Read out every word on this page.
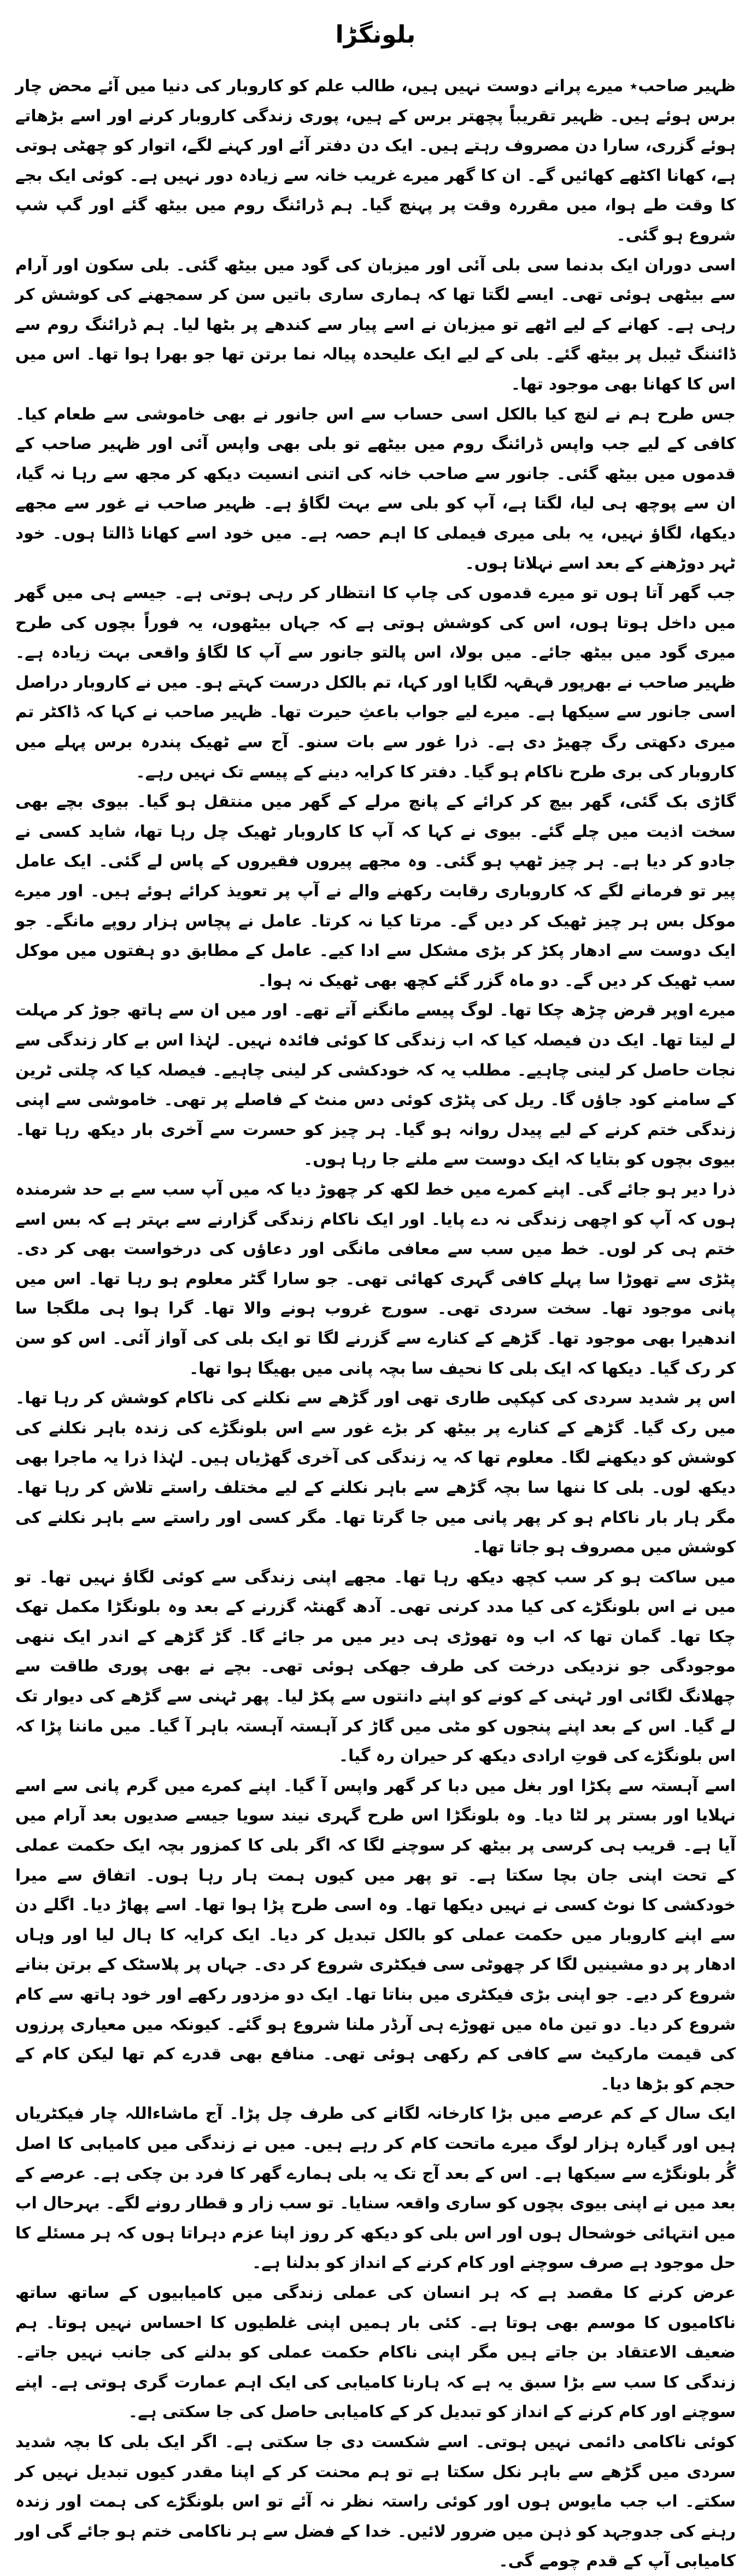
بلونگڑا

ظہیر صاحب٭ میرے پرانے دوست نہیں ہیں، طالب علم کو کاروبار کی دنیا میں آئے محض چار برس ہوئے ہیں۔ ظہیر تقریباً پچھتر برس کے ہیں، پوری زندگی کاروبار کرنے اور اسے بڑھاتے ہوئے گزری، سارا دن مصروف رہتے ہیں۔ ایک دن دفتر آئے اور کہنے لگے، اتوار کو چھٹی ہوتی ہے، کھانا اکٹھے کھائیں گے۔ ان کا گھر میرے غریب خانہ سے زیادہ دور نہیں ہے۔ کوئی ایک بجے کا وقت طے ہوا، میں مقررہ وقت پر پہنچ گیا۔ ہم ڈرائنگ روم میں بیٹھ گئے اور گپ شپ شروع ہو گئی۔

اسی دوران ایک بدنما سی بلی آئی اور میزبان کی گود میں بیٹھ گئی۔ بلی سکون اور آرام سے بیٹھی ہوئی تھی۔ ایسے لگتا تھا کہ ہماری ساری باتیں سن کر سمجھنے کی کوشش کر رہی ہے۔ کھانے کے لیے اٹھے تو میزبان نے اسے پیار سے کندھے پر بٹھا لیا۔ ہم ڈرائنگ روم سے ڈائننگ ٹیبل پر بیٹھ گئے۔ بلی کے لیے ایک علیحدہ پیالہ نما برتن تھا جو بھرا ہوا تھا۔ اس میں اس کا کھانا بھی موجود تھا۔

جس طرح ہم نے لنچ کیا بالکل اسی حساب سے اس جانور نے بھی خاموشی سے طعام کیا۔ کافی کے لیے جب واپس ڈرائنگ روم میں بیٹھے تو بلی بھی واپس آئی اور ظہیر صاحب کے قدموں میں بیٹھ گئی۔ جانور سے صاحب خانہ کی اتنی انسیت دیکھ کر مجھ سے رہا نہ گیا، ان سے پوچھ ہی لیا، لگتا ہے، آپ کو بلی سے بہت لگاؤ ہے۔ ظہیر صاحب نے غور سے مجھے دیکھا، لگاؤ نہیں، یہ بلی میری فیملی کا اہم حصہ ہے۔ میں خود اسے کھانا ڈالتا ہوں۔ خود ٹہر دوڑھنے کے بعد اسے نہلاتا ہوں۔

جب گھر آتا ہوں تو میرے قدموں کی چاپ کا انتظار کر رہی ہوتی ہے۔ جیسے ہی میں گھر میں داخل ہوتا ہوں، اس کی کوشش ہوتی ہے کہ جہاں بیٹھوں، یہ فوراً بچوں کی طرح میری گود میں بیٹھ جائے۔ میں بولا، اس پالتو جانور سے آپ کا لگاؤ واقعی بہت زیادہ ہے۔ ظہیر صاحب نے بھرپور قہقہہ لگایا اور کہا، تم بالکل درست کہتے ہو۔ میں نے کاروبار دراصل اسی جانور سے سیکھا ہے۔ میرے لیے جواب باعثِ حیرت تھا۔ ظہیر صاحب نے کہا کہ ڈاکٹر تم میری دکھتی رگ چھیڑ دی ہے۔ ذرا غور سے بات سنو۔ آج سے ٹھیک پندرہ برس پہلے میں کاروبار کی بری طرح ناکام ہو گیا۔ دفتر کا کرایہ دینے کے پیسے تک نہیں رہے۔

گاڑی بک گئی، گھر بیچ کر کرائے کے پانچ مرلے کے گھر میں منتقل ہو گیا۔ بیوی بچے بھی سخت اذیت میں چلے گئے۔ بیوی نے کہا کہ آپ کا کاروبار ٹھیک چل رہا تھا، شاید کسی نے جادو کر دیا ہے۔ ہر چیز ٹھپ ہو گئی۔ وہ مجھے پیروں فقیروں کے پاس لے گئی۔ ایک عامل پیر تو فرمانے لگے کہ کاروباری رقابت رکھنے والے نے آپ پر تعویذ کرائے ہوئے ہیں۔ اور میرے موکل بس ہر چیز ٹھیک کر دیں گے۔ مرتا کیا نہ کرتا۔ عامل نے پچاس ہزار روپے مانگے۔ جو ایک دوست سے ادھار پکڑ کر بڑی مشکل سے ادا کیے۔ عامل کے مطابق دو ہفتوں میں موکل سب ٹھیک کر دیں گے۔ دو ماہ گزر گئے کچھ بھی ٹھیک نہ ہوا۔

میرے اوپر قرض چڑھ چکا تھا۔ لوگ پیسے مانگنے آتے تھے۔ اور میں ان سے ہاتھ جوڑ کر مہلت لے لیتا تھا۔ ایک دن فیصلہ کیا کہ اب زندگی کا کوئی فائدہ نہیں۔ لہٰذا اس بے کار زندگی سے نجات حاصل کر لینی چاہیے۔ مطلب یہ کہ خودکشی کر لینی چاہیے۔ فیصلہ کیا کہ چلتی ٹرین کے سامنے کود جاؤں گا۔ ریل کی پٹڑی کوئی دس منٹ کے فاصلے پر تھی۔ خاموشی سے اپنی زندگی ختم کرنے کے لیے پیدل روانہ ہو گیا۔ ہر چیز کو حسرت سے آخری بار دیکھ رہا تھا۔ بیوی بچوں کو بتایا کہ ایک دوست سے ملنے جا رہا ہوں۔

ذرا دیر ہو جائے گی۔ اپنے کمرے میں خط لکھ کر چھوڑ دیا کہ میں آپ سب سے بے حد شرمندہ ہوں کہ آپ کو اچھی زندگی نہ دے پایا۔ اور ایک ناکام زندگی گزارنے سے بہتر ہے کہ بس اسے ختم ہی کر لوں۔ خط میں سب سے معافی مانگی اور دعاؤں کی درخواست بھی کر دی۔ پٹڑی سے تھوڑا سا پہلے کافی گہری کھائی تھی۔ جو سارا گٹر معلوم ہو رہا تھا۔ اس میں پانی موجود تھا۔ سخت سردی تھی۔ سورج غروب ہونے والا تھا۔ گرا ہوا ہی ملگجا سا اندھیرا بھی موجود تھا۔ گڑھے کے کنارے سے گزرنے لگا تو ایک بلی کی آواز آئی۔ اس کو سن کر رک گیا۔ دیکھا کہ ایک بلی کا نحیف سا بچہ پانی میں بھیگا ہوا تھا۔

اس پر شدید سردی کی کپکپی طاری تھی اور گڑھے سے نکلنے کی ناکام کوشش کر رہا تھا۔ میں رک گیا۔ گڑھے کے کنارے پر بیٹھ کر بڑے غور سے اس بلونگڑے کی زندہ باہر نکلنے کی کوشش کو دیکھنے لگا۔ معلوم تھا کہ یہ زندگی کی آخری گھڑیاں ہیں۔ لہٰذا ذرا یہ ماجرا بھی دیکھ لوں۔ بلی کا ننھا سا بچہ گڑھے سے باہر نکلنے کے لیے مختلف راستے تلاش کر رہا تھا۔ مگر ہار بار ناکام ہو کر پھر پانی میں جا گرتا تھا۔ مگر کسی اور راستے سے باہر نکلنے کی کوشش میں مصروف ہو جاتا تھا۔

میں ساکت ہو کر سب کچھ دیکھ رہا تھا۔ مجھے اپنی زندگی سے کوئی لگاؤ نہیں تھا۔ تو میں نے اس بلونگڑے کی کیا مدد کرنی تھی۔ آدھ گھنٹہ گزرنے کے بعد وہ بلونگڑا مکمل تھک چکا تھا۔ گمان تھا کہ اب وہ تھوڑی ہی دیر میں مر جائے گا۔ گڑ گڑھے کے اندر ایک ننھی موجودگی جو نزدیکی درخت کی طرف جھکی ہوئی تھی۔ بچے نے بھی پوری طاقت سے چھلانگ لگائی اور ٹہنی کے کونے کو اپنے دانتوں سے پکڑ لیا۔ پھر ٹہنی سے گڑھے کی دیوار تک لے گیا۔ اس کے بعد اپنے پنجوں کو مٹی میں گاڑ کر آہستہ آہستہ باہر آ گیا۔ میں ماننا پڑا کہ اس بلونگڑے کی قوتِ ارادی دیکھ کر حیران رہ گیا۔

اسے آہستہ سے پکڑا اور بغل میں دبا کر گھر واپس آ گیا۔ اپنے کمرے میں گرم پانی سے اسے نہلایا اور بستر پر لٹا دیا۔ وہ بلونگڑا اس طرح گہری نیند سویا جیسے صدیوں بعد آرام میں آیا ہے۔ قریب ہی کرسی پر بیٹھ کر سوچنے لگا کہ اگر بلی کا کمزور بچہ ایک حکمت عملی کے تحت اپنی جان بچا سکتا ہے۔ تو پھر میں کیوں ہمت ہار رہا ہوں۔ اتفاق سے میرا خودکشی کا نوٹ کسی نے نہیں دیکھا تھا۔ وہ اسی طرح پڑا ہوا تھا۔ اسے پھاڑ دیا۔ اگلے دن سے اپنے کاروبار میں حکمت عملی کو بالکل تبدیل کر دیا۔ ایک کرایہ کا ہال لیا اور وہاں ادھار پر دو مشینیں لگا کر چھوٹی سی فیکٹری شروع کر دی۔ جہاں پر پلاسٹک کے برتن بنانے شروع کر دیے۔ جو اپنی بڑی فیکٹری میں بناتا تھا۔ ایک دو مزدور رکھے اور خود ہاتھ سے کام شروع کر دیا۔ دو تین ماہ میں تھوڑے ہی آرڈر ملنا شروع ہو گئے۔ کیونکہ میں معیاری پرزوں کی قیمت مارکیٹ سے کافی کم رکھی ہوئی تھی۔ منافع بھی قدرے کم تھا لیکن کام کے حجم کو بڑھا دیا۔

ایک سال کے کم عرصے میں بڑا کارخانہ لگانے کی طرف چل پڑا۔ آج ماشاءاللہ چار فیکٹریاں ہیں اور گیارہ ہزار لوگ میرے ماتحت کام کر رہے ہیں۔ میں نے زندگی میں کامیابی کا اصل گُر بلونگڑے سے سیکھا ہے۔ اس کے بعد آج تک یہ بلی ہمارے گھر کا فرد بن چکی ہے۔ عرصے کے بعد میں نے اپنی بیوی بچوں کو ساری واقعہ سنایا۔ تو سب زار و قطار رونے لگے۔ بہرحال اب میں انتہائی خوشحال ہوں اور اس بلی کو دیکھ کر روز اپنا عزم دہراتا ہوں کہ ہر مسئلے کا حل موجود ہے صرف سوچنے اور کام کرنے کے انداز کو بدلنا ہے۔

عرض کرنے کا مقصد ہے کہ ہر انسان کی عملی زندگی میں کامیابیوں کے ساتھ ساتھ ناکامیوں کا موسم بھی ہوتا ہے۔ کئی بار ہمیں اپنی غلطیوں کا احساس نہیں ہوتا۔ ہم ضعیف الاعتقاد بن جاتے ہیں مگر اپنی ناکام حکمت عملی کو بدلنے کی جانب نہیں جاتے۔ زندگی کا سب سے بڑا سبق یہ ہے کہ ہارنا کامیابی کی ایک اہم عمارت گری ہوتی ہے۔ اپنے سوچنے اور کام کرنے کے انداز کو تبدیل کر کے کامیابی حاصل کی جا سکتی ہے۔

کوئی ناکامی دائمی نہیں ہوتی۔ اسے شکست دی جا سکتی ہے۔ اگر ایک بلی کا بچہ شدید سردی میں گڑھے سے باہر نکل سکتا ہے تو ہم محنت کر کے اپنا مقدر کیوں تبدیل نہیں کر سکتے۔ اب جب مایوس ہوں اور کوئی راستہ نظر نہ آئے تو اس بلونگڑے کی ہمت اور زندہ رہنے کی جدوجہد کو ذہن میں ضرور لائیں۔ خدا کے فضل سے ہر ناکامی ختم ہو جائے گی اور کامیابی آپ کے قدم چومے گی۔
